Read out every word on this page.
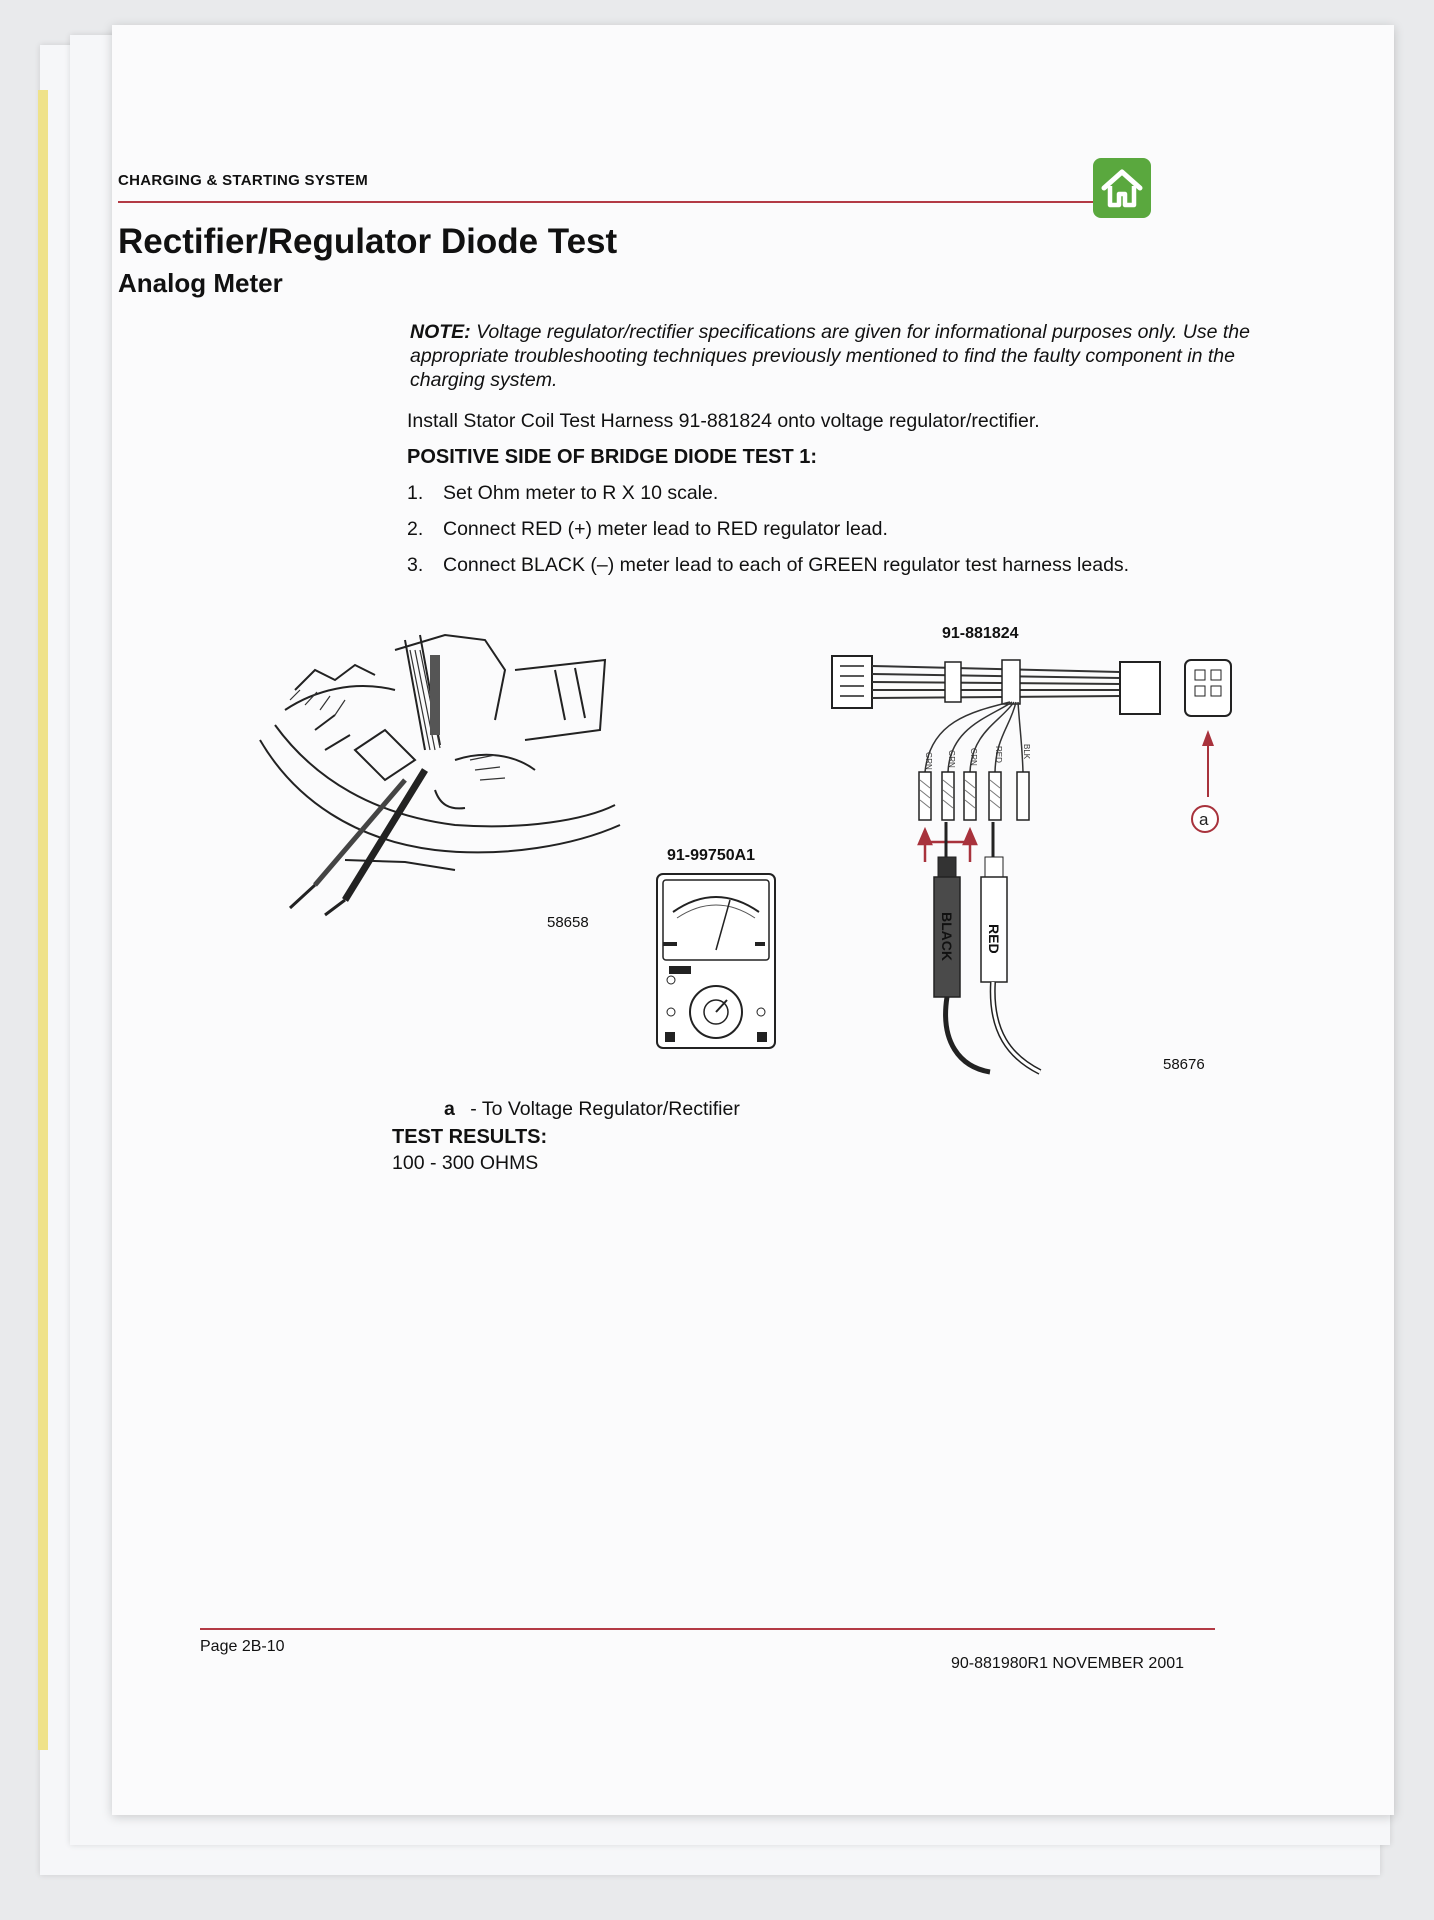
CHARGING & STARTING SYSTEM
Rectifier/Regulator Diode Test
Analog Meter
NOTE: Voltage regulator/rectifier specifications are given for informational purposes only. Use the appropriate troubleshooting techniques previously mentioned to find the faulty component in the charging system.
Install Stator Coil Test Harness 91-881824 onto voltage regulator/rectifier.
POSITIVE SIDE OF BRIDGE DIODE TEST 1:
1.	Set Ohm meter to R X 10 scale.
2.	Connect RED (+) meter lead to RED regulator lead.
3.	Connect BLACK (–) meter lead to each of GREEN regulator test harness leads.
58658
91-99750A1
91-881824
GRN GRN GRN RED BLK
BLACK RED
a
58676
a - To Voltage Regulator/Rectifier
TEST RESULTS:
100 - 300 OHMS
Page 2B-10
90-881980R1 NOVEMBER 2001
